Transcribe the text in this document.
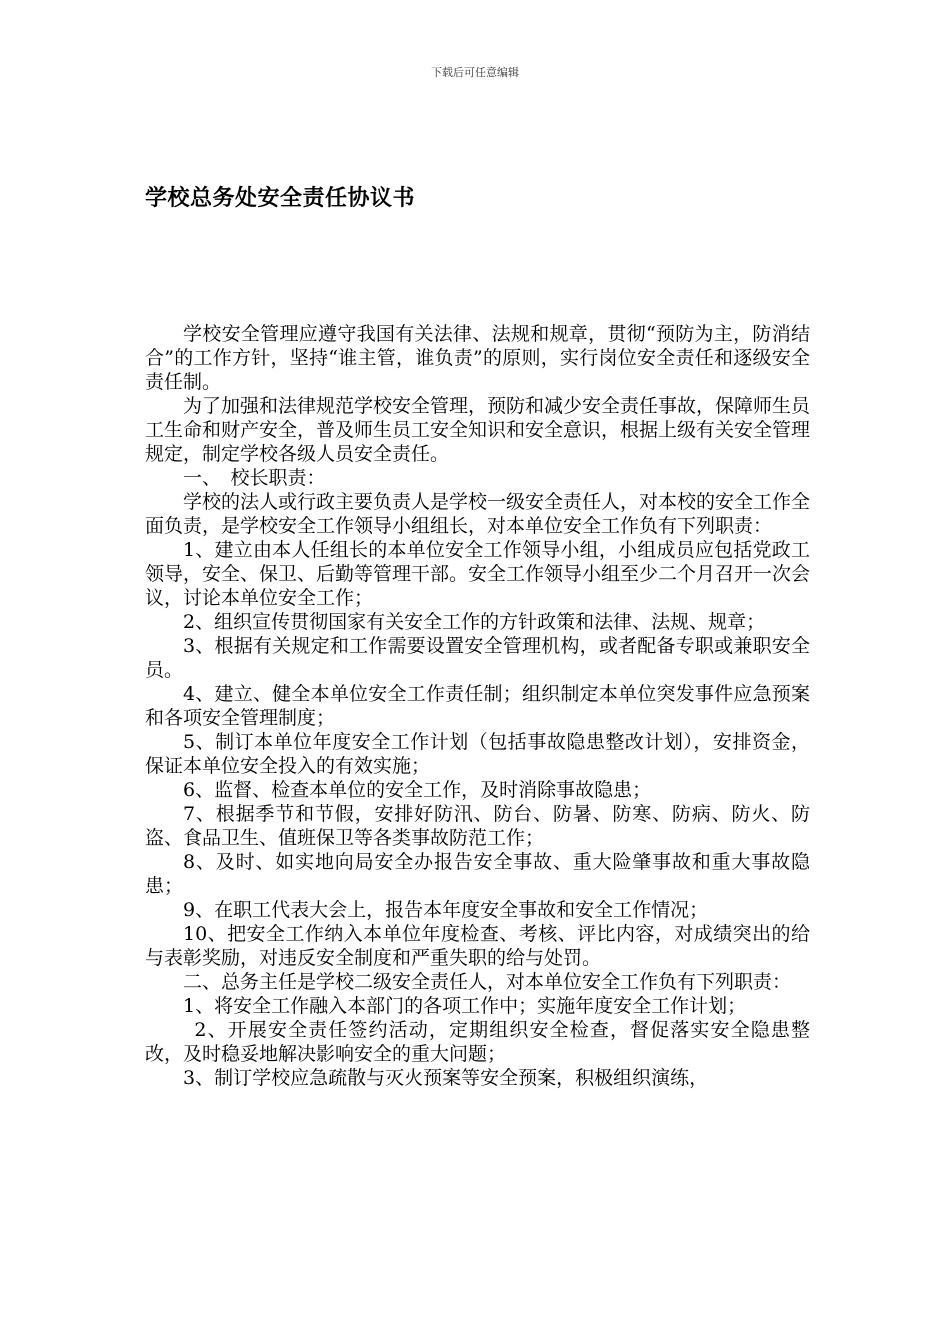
下载后可任意编辑
学校总务处安全责任协议书

学校安全管理应遵守我国有关法律、法规和规章，贯彻“预防为主，防消结合”的工作方针，坚持“谁主管，谁负责”的原则，实行岗位安全责任和逐级安全责任制。

为了加强和法律规范学校安全管理，预防和减少安全责任事故，保障师生员工生命和财产安全，普及师生员工安全知识和安全意识，根据上级有关安全管理规定，制定学校各级人员安全责任。

一、　校长职责：

学校的法人或行政主要负责人是学校一级安全责任人，对本校的安全工作全面负责，是学校安全工作领导小组组长，对本单位安全工作负有下列职责：

1、建立由本人任组长的本单位安全工作领导小组，小组成员应包括党政工领导，安全、保卫、后勤等管理干部。安全工作领导小组至少二个月召开一次会议，讨论本单位安全工作；

2、组织宣传贯彻国家有关安全工作的方针政策和法律、法规、规章；

3、根据有关规定和工作需要设置安全管理机构，或者配备专职或兼职安全员。

4、建立、健全本单位安全工作责任制；组织制定本单位突发事件应急预案和各项安全管理制度；

5、制订本单位年度安全工作计划（包括事故隐患整改计划），安排资金，保证本单位安全投入的有效实施；

6、监督、检查本单位的安全工作，及时消除事故隐患；

7、根据季节和节假，安排好防汛、防台、防暑、防寒、防病、防火、防盗、食品卫生、值班保卫等各类事故防范工作；

8、及时、如实地向局安全办报告安全事故、重大险肇事故和重大事故隐患；

9、在职工代表大会上，报告本年度安全事故和安全工作情况；

10、把安全工作纳入本单位年度检查、考核、评比内容，对成绩突出的给与表彰奖励，对违反安全制度和严重失职的给与处罚。

二、总务主任是学校二级安全责任人，对本单位安全工作负有下列职责：

1、将安全工作融入本部门的各项工作中；实施年度安全工作计划；

2、开展安全责任签约活动，定期组织安全检查，督促落实安全隐患整改，及时稳妥地解决影响安全的重大问题；

3、制订学校应急疏散与灭火预案等安全预案，积极组织演练，
